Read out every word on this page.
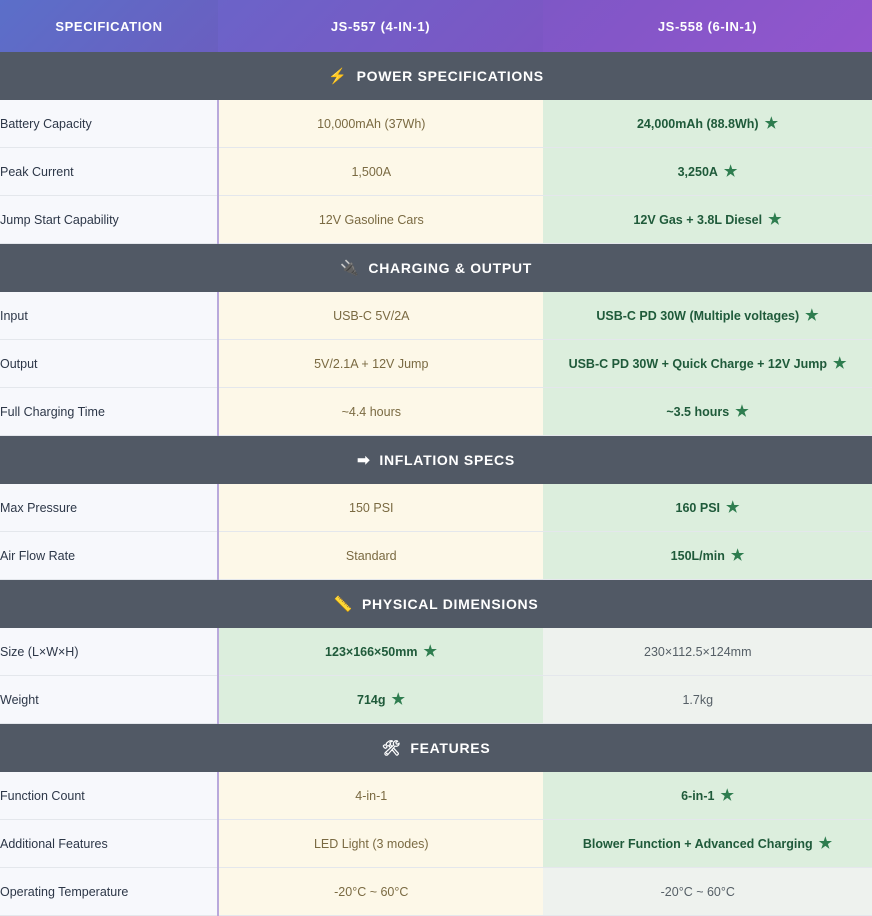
SPECIFICATION	JS-557 (4-IN-1)	JS-558 (6-IN-1)

⚡ POWER SPECIFICATIONS		

Battery Capacity	10,000mAh (37Wh)	24,000mAh (88.8Wh) ★

Peak Current	1,500A	3,250A ★

Jump Start Capability	12V Gasoline Cars	12V Gas + 3.8L Diesel ★

🔌 CHARGING & OUTPUT		

Input	USB-C 5V/2A	USB-C PD 30W (Multiple voltages) ★

Output	5V/2.1A + 12V Jump	USB-C PD 30W + Quick Charge + 12V Jump ★

Full Charging Time	~4.4 hours	~3.5 hours ★

➡ INFLATION SPECS		

Max Pressure	150 PSI	160 PSI ★

Air Flow Rate	Standard	150L/min ★

📏 PHYSICAL DIMENSIONS		

Size (L×W×H)	123×166×50mm ★	230×112.5×124mm

Weight	714g ★	1.7kg

🛠 FEATURES		

Function Count	4-in-1	6-in-1 ★

Additional Features	LED Light (3 modes)	Blower Function + Advanced Charging ★

Operating Temperature	-20°C ~ 60°C	-20°C ~ 60°C
